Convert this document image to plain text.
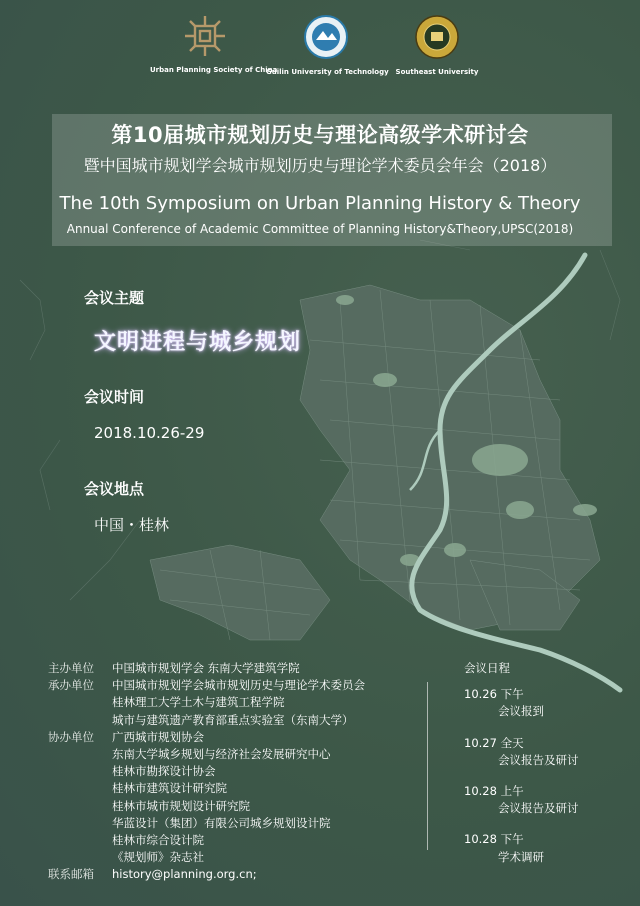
Urban Planning Society of China
Guilin University of Technology Southeast University
第10届城市规划历史与理论高级学术研讨会
暨中国城市规划学会城市规划历史与理论学术委员会年会（2018）
The 10th Symposium on Urban Planning History & Theory
Annual Conference of Academic Committee of Planning History&Theory,UPSC(2018)
会议主题
文明进程与城乡规划
会议时间
2018.10.26-29
会议地点
中国・桂林
主办单位	中国城市规划学会 东南大学建筑学院
承办单位	中国城市规划学会城市规划历史与理论学术委员会
桂林理工大学土木与建筑工程学院
城市与建筑遗产教育部重点实验室（东南大学）
协办单位	广西城市规划协会
东南大学城乡规划与经济社会发展研究中心
桂林市勘探设计协会
桂林市建筑设计研究院
桂林市城市规划设计研究院
华蓝设计（集团）有限公司城乡规划设计院
桂林市综合设计院
《规划师》杂志社
联系邮箱	history@planning.org.cn;
会议日程
10.26 下午
会议报到
10.27 全天
会议报告及研讨
10.28 上午
会议报告及研讨
10.28 下午
学术调研
